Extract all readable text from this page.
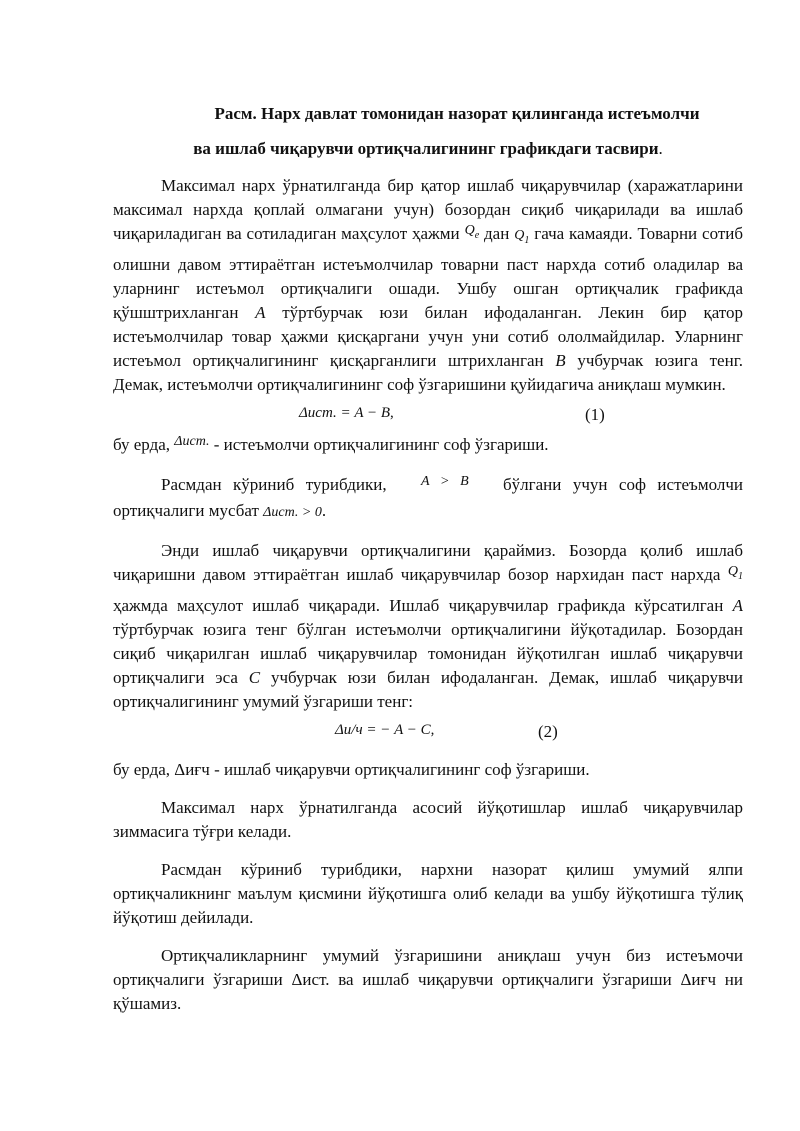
Расм. Нарх давлат томонидан назорат қилинганда истеъмолчи
ва ишлаб чиқарувчи ортиқчалигининг графикдаги тасвири.

Максимал нарх ўрнатилганда бир қатор ишлаб чиқарувчилар (харажатларини максимал нархда қоплай олмагани учун) бозордан сиқиб чиқарилади ва ишлаб чиқариладиган ва сотиладиган маҳсулот ҳажми $^{Q_e}$ дан $Q_1$ гача камаяди. Товарни сотиб олишни давом эттираётган истеъмолчилар товарни паст нархда сотиб оладилар ва уларнинг истеъмол ортиқчалиги ошади. Ушбу ошган ортиқчалик графикда қўшштрихланган А тўртбурчак юзи билан ифодаланган. Лекин бир қатор истеъмолчилар товар ҳажми қисқаргани учун уни сотиб ололмайдилар. Уларнинг истеъмол ортиқчалигининг қисқарганлиги штрихланган В учбурчак юзига тенг. Демак, истеъмолчи ортиқчалигининг соф ўзгаришини қуйидагича аниқлаш мумкин.

Δист. = A − B,	(1)

бу ерда, $^{\Delta ист.}$ - истеъмолчи ортиқчалигининг соф ўзгариши.

Расмдан кўриниб турибдики, $^{A > B}$ бўлгани учун соф истеъмолчи ортиқчалиги мусбат Δист. > 0.

Энди ишлаб чиқарувчи ортиқчалигини қараймиз. Бозорда қолиб ишлаб чиқаришни давом эттираётган ишлаб чиқарувчилар бозор нархидан паст нархда $^{Q_1}$ ҳажмда маҳсулот ишлаб чиқаради. Ишлаб чиқарувчилар графикда кўрсатилган А тўртбурчак юзига тенг бўлган истеъмолчи ортиқчалигини йўқотадилар. Бозордан сиқиб чиқарилган ишлаб чиқарувчилар томонидан йўқотилган ишлаб чиқарувчи ортиқчалиги эса С учбурчак юзи билан ифодаланган. Демак, ишлаб чиқарувчи ортиқчалигининг умумий ўзгариши тенг:

Δи/ч = − A − C,	(2)

бу ерда, Δиғч - ишлаб чиқарувчи ортиқчалигининг соф ўзгариши.

Максимал нарх ўрнатилганда асосий йўқотишлар ишлаб чиқарувчилар зиммасига тўғри келади.

Расмдан кўриниб турибдики, нархни назорат қилиш умумий ялпи ортиқчаликнинг маълум қисмини йўқотишга олиб келади ва ушбу йўқотишга тўлиқ йўқотиш дейилади.

Ортиқчаликларнинг умумий ўзгаришини аниқлаш учун биз истеъмочи ортиқчалиги ўзгариши Δист. ва ишлаб чиқарувчи ортиқчалиги ўзгариши Δиғч ни қўшамиз.
